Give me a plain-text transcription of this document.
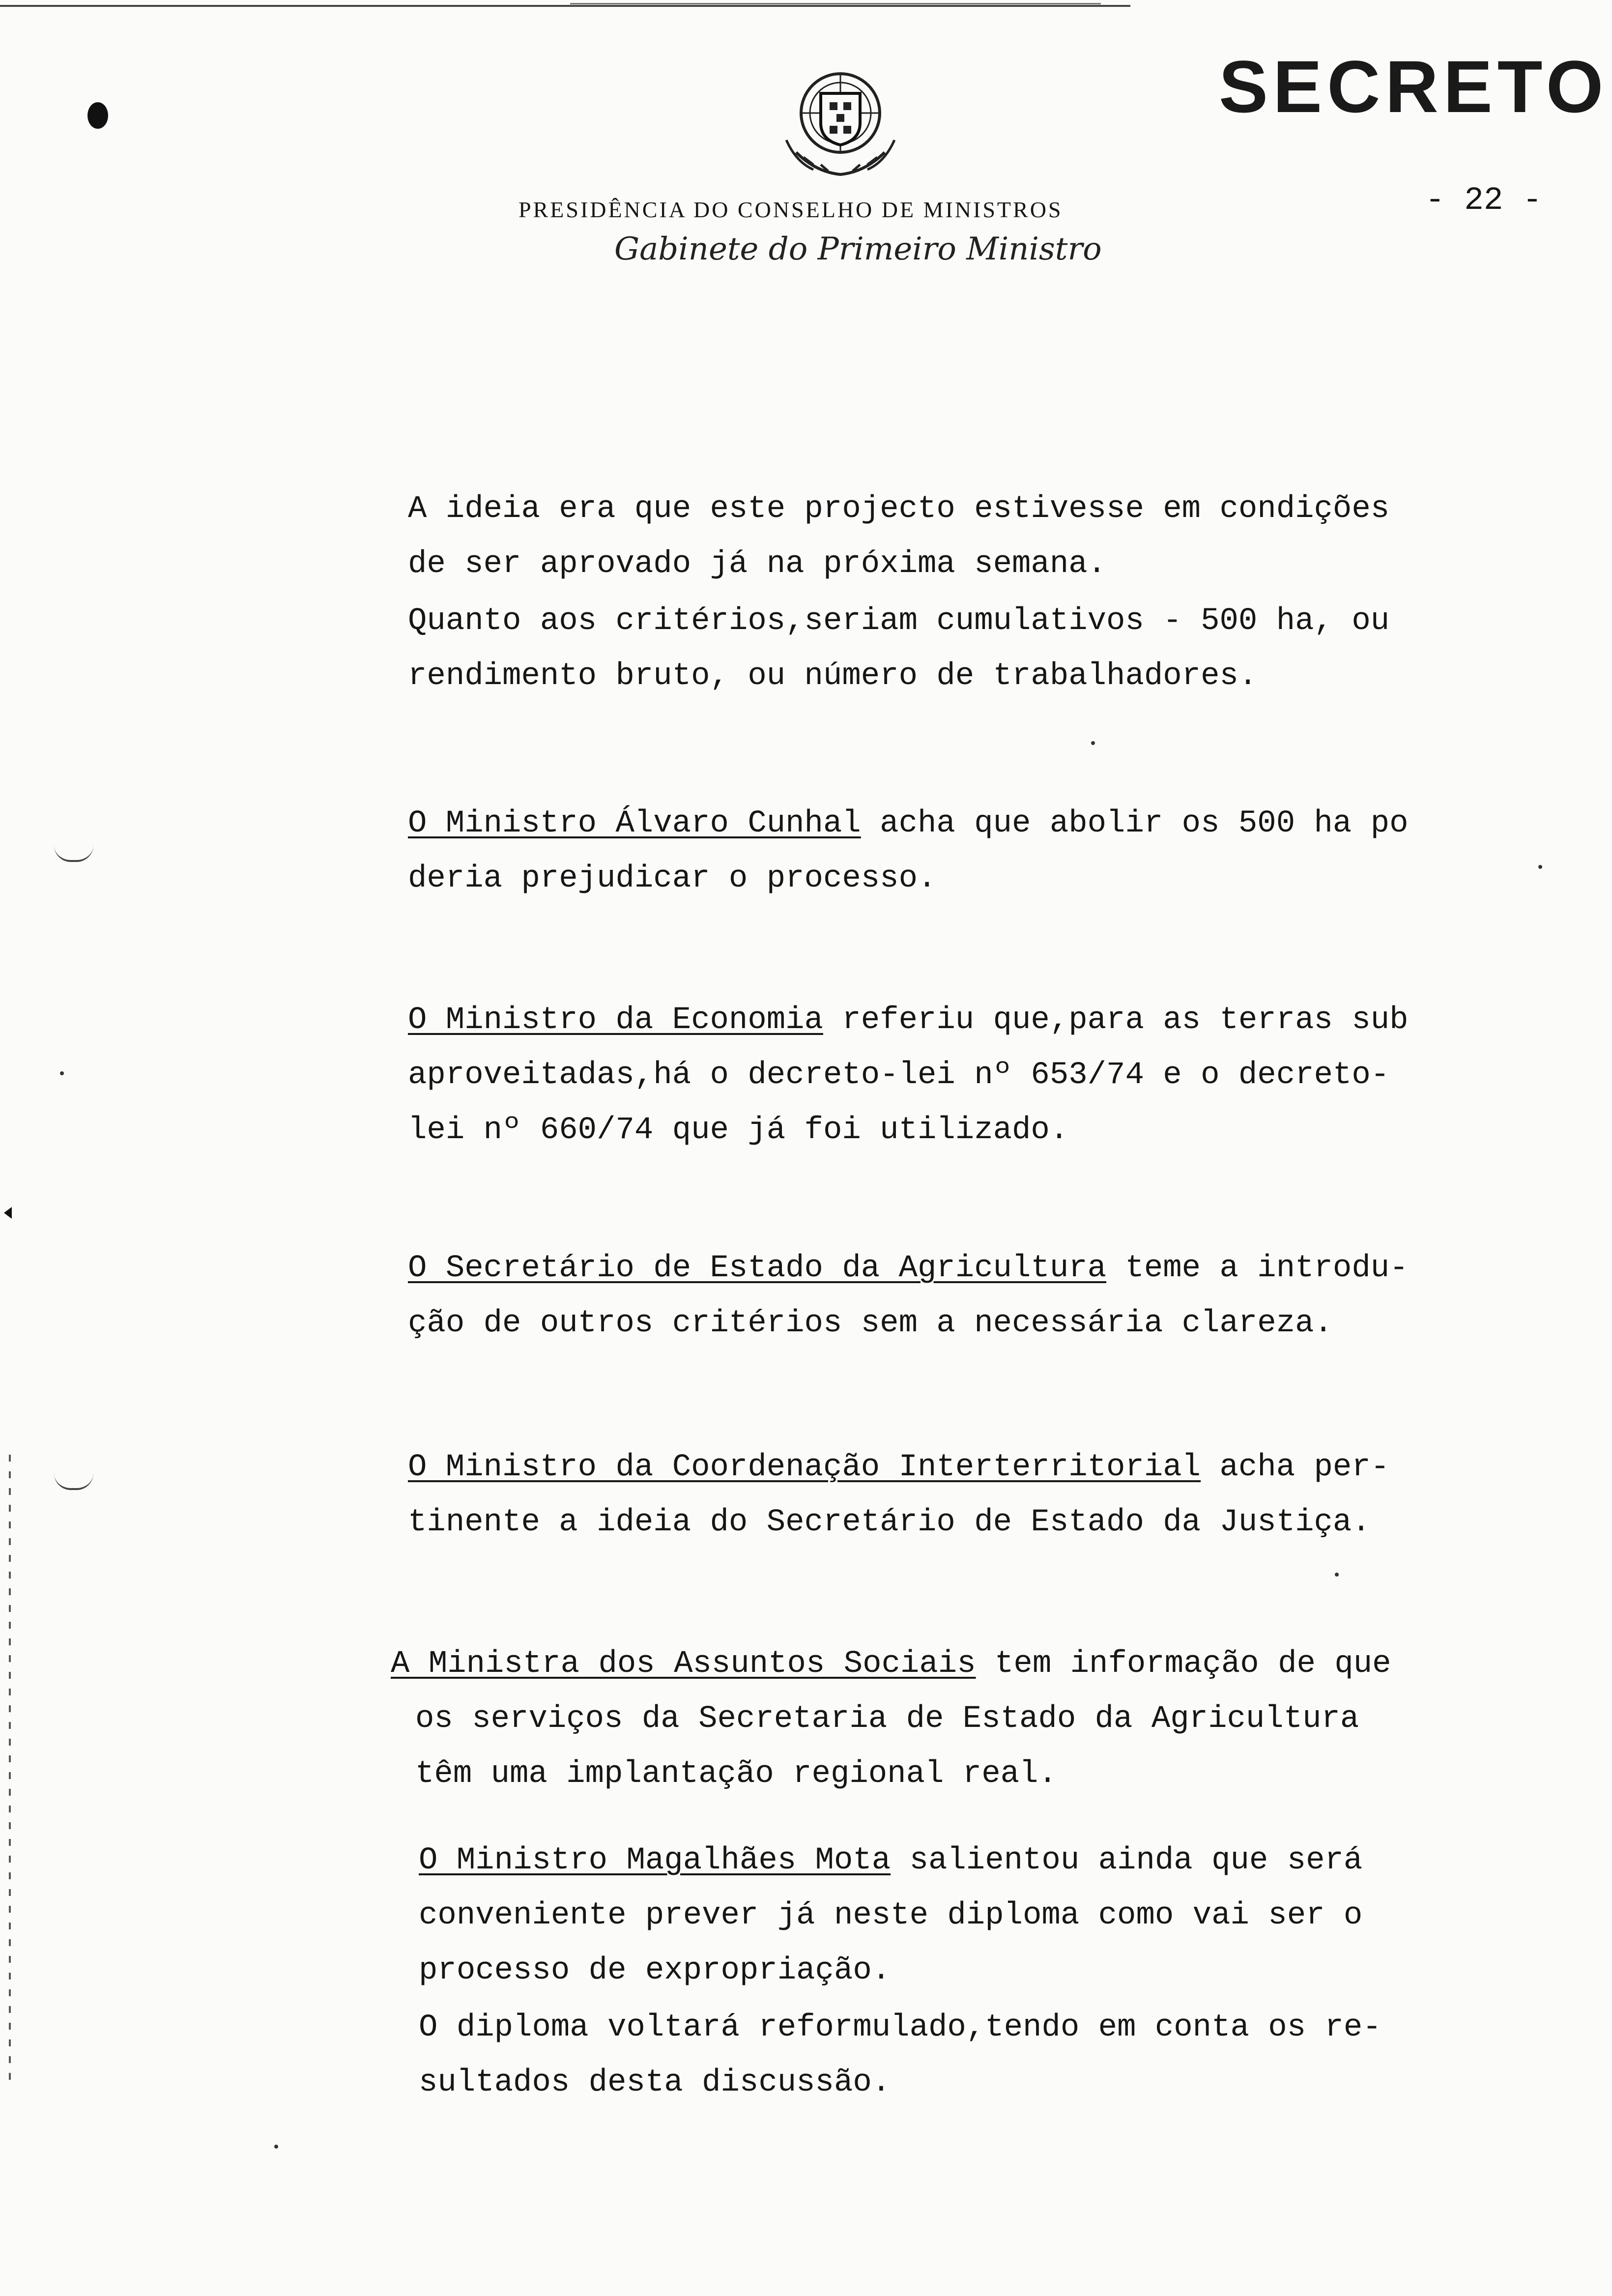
SECRETO
- 22 -
PRESIDÊNCIA DO CONSELHO DE MINISTROS
Gabinete do Primeiro Ministro
A ideia era que este projecto estivesse em condições
de ser aprovado já na próxima semana.
Quanto aos critérios,seriam cumulativos - 500 ha, ou
rendimento bruto, ou número de trabalhadores.
O Ministro Álvaro Cunhal acha que abolir os 500 ha po
deria prejudicar o processo.
O Ministro da Economia referiu que,para as terras sub
aproveitadas,há o decreto-lei nº 653/74 e o decreto-
lei nº 660/74 que já foi utilizado.
O Secretário de Estado da Agricultura teme a introdu-
ção de outros critérios sem a necessária clareza.
O Ministro da Coordenação Interterritorial acha per-
tinente a ideia do Secretário de Estado da Justiça.
A Ministra dos Assuntos Sociais tem informação de que
os serviços da Secretaria de Estado da Agricultura
têm uma implantação regional real.
O Ministro Magalhães Mota salientou ainda que será
conveniente prever já neste diploma como vai ser o
processo de expropriação.
O diploma voltará reformulado,tendo em conta os re-
sultados desta discussão.
